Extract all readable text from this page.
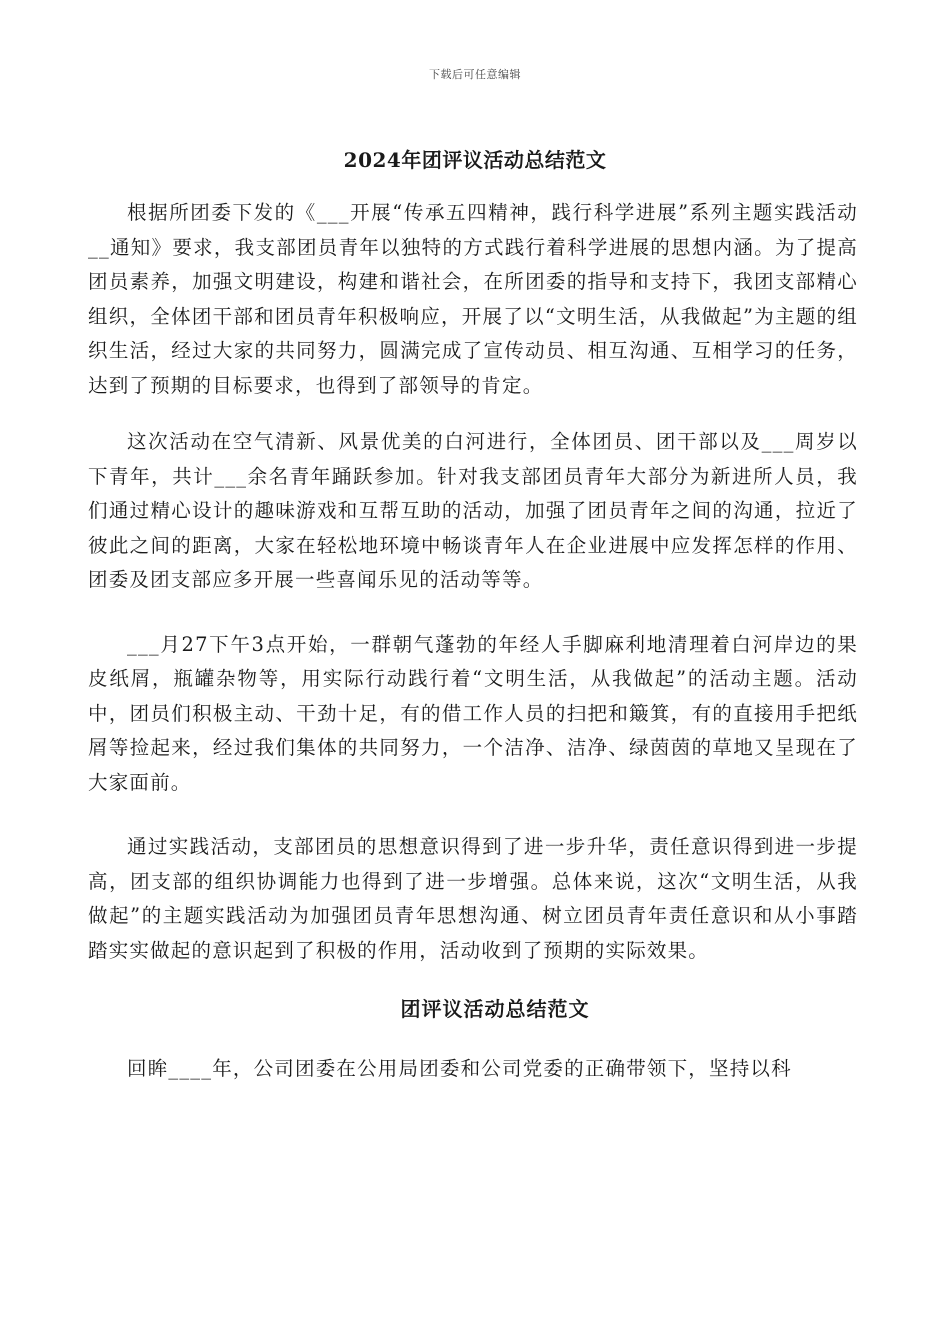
下载后可任意编辑
2024年团评议活动总结范文

根据所团委下发的《___开展“传承五四精神，践行科学进展”系列主题实践活动__通知》要求，我支部团员青年以独特的方式践行着科学进展的思想内涵。为了提高团员素养，加强文明建设，构建和谐社会，在所团委的指导和支持下，我团支部精心组织，全体团干部和团员青年积极响应，开展了以“文明生活，从我做起”为主题的组织生活，经过大家的共同努力，圆满完成了宣传动员、相互沟通、互相学习的任务，达到了预期的目标要求，也得到了部领导的肯定。

这次活动在空气清新、风景优美的白河进行，全体团员、团干部以及___周岁以下青年，共计___余名青年踊跃参加。针对我支部团员青年大部分为新进所人员，我们通过精心设计的趣味游戏和互帮互助的活动，加强了团员青年之间的沟通，拉近了彼此之间的距离，大家在轻松地环境中畅谈青年人在企业进展中应发挥怎样的作用、团委及团支部应多开展一些喜闻乐见的活动等等。

___月27下午3点开始，一群朝气蓬勃的年经人手脚麻利地清理着白河岸边的果皮纸屑，瓶罐杂物等，用实际行动践行着“文明生活，从我做起”的活动主题。活动中，团员们积极主动、干劲十足，有的借工作人员的扫把和簸箕，有的直接用手把纸屑等捡起来，经过我们集体的共同努力，一个洁净、洁净、绿茵茵的草地又呈现在了大家面前。

通过实践活动，支部团员的思想意识得到了进一步升华，责任意识得到进一步提高，团支部的组织协调能力也得到了进一步增强。总体来说，这次“文明生活，从我做起”的主题实践活动为加强团员青年思想沟通、树立团员青年责任意识和从小事踏踏实实做起的意识起到了积极的作用，活动收到了预期的实际效果。

团评议活动总结范文

回眸____年，公司团委在公用局团委和公司党委的正确带领下，坚持以科
